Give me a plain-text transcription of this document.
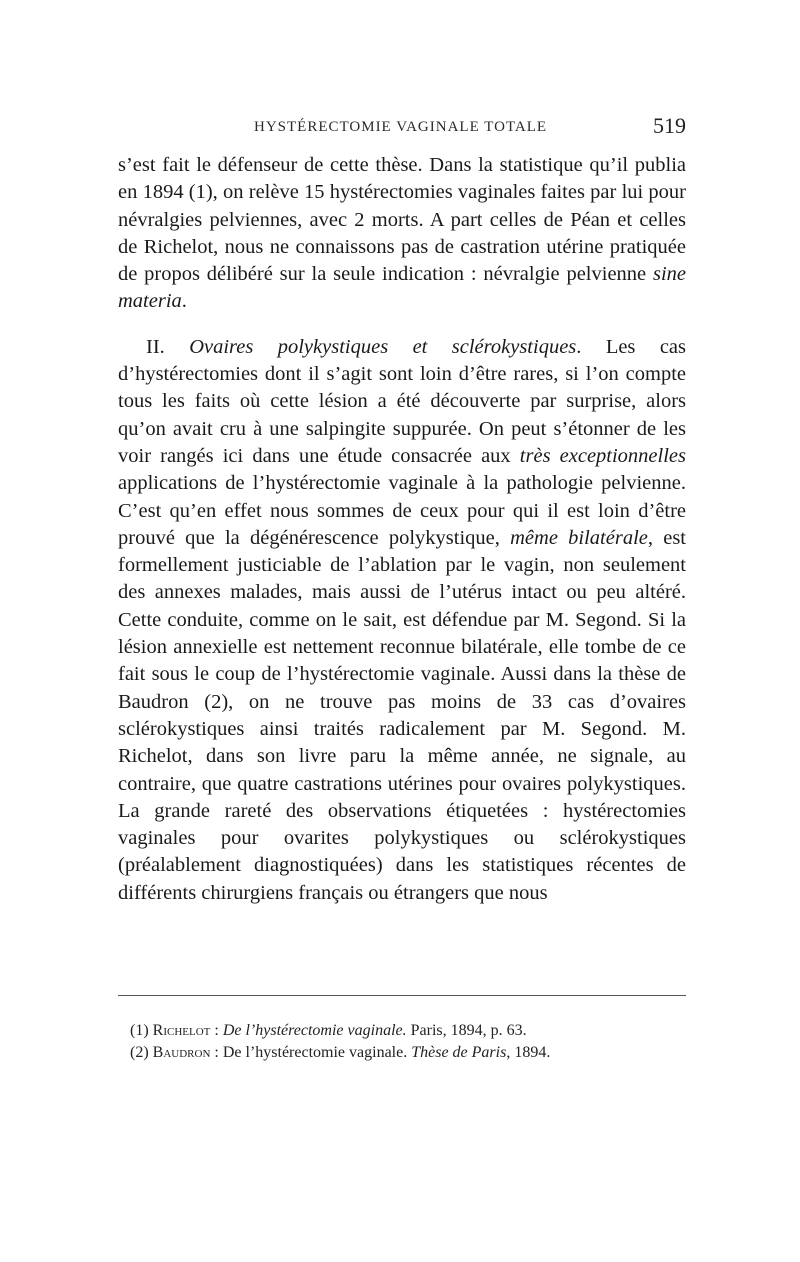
HYSTÉRECTOMIE VAGINALE TOTALE	519

s’est fait le défenseur de cette thèse. Dans la statistique qu’il publia en 1894 (1), on relève 15 hystérectomies vaginales faites par lui pour névralgies pelviennes, avec 2 morts. A part celles de Péan et celles de Richelot, nous ne connaissons pas de castration utérine pratiquée de propos délibéré sur la seule indication : névralgie pelvienne sine materia.

II. Ovaires polykystiques et sclérokystiques. Les cas d’hystérectomies dont il s’agit sont loin d’être rares, si l’on compte tous les faits où cette lésion a été découverte par surprise, alors qu’on avait cru à une salpingite suppurée. On peut s’étonner de les voir rangés ici dans une étude consacrée aux très exceptionnelles applications de l’hystérectomie vaginale à la pathologie pelvienne. C’est qu’en effet nous sommes de ceux pour qui il est loin d’être prouvé que la dégénérescence polykystique, même bilatérale, est formellement justiciable de l’ablation par le vagin, non seulement des annexes malades, mais aussi de l’utérus intact ou peu altéré. Cette conduite, comme on le sait, est défendue par M. Segond. Si la lésion annexielle est nettement reconnue bilatérale, elle tombe de ce fait sous le coup de l’hystérectomie vaginale. Aussi dans la thèse de Baudron (2), on ne trouve pas moins de 33 cas d’ovaires sclérokystiques ainsi traités radicalement par M. Segond. M. Richelot, dans son livre paru la même année, ne signale, au contraire, que quatre castrations utérines pour ovaires polykystiques. La grande rareté des observations étiquetées : hystérectomies vaginales pour ovarites polykystiques ou sclérokystiques (préalablement diagnostiquées) dans les statistiques récentes de différents chirurgiens français ou étrangers que nous

(1) Richelot : De l’hystérectomie vaginale. Paris, 1894, p. 63.
(2) Baudron : De l’hystérectomie vaginale. Thèse de Paris, 1894.
